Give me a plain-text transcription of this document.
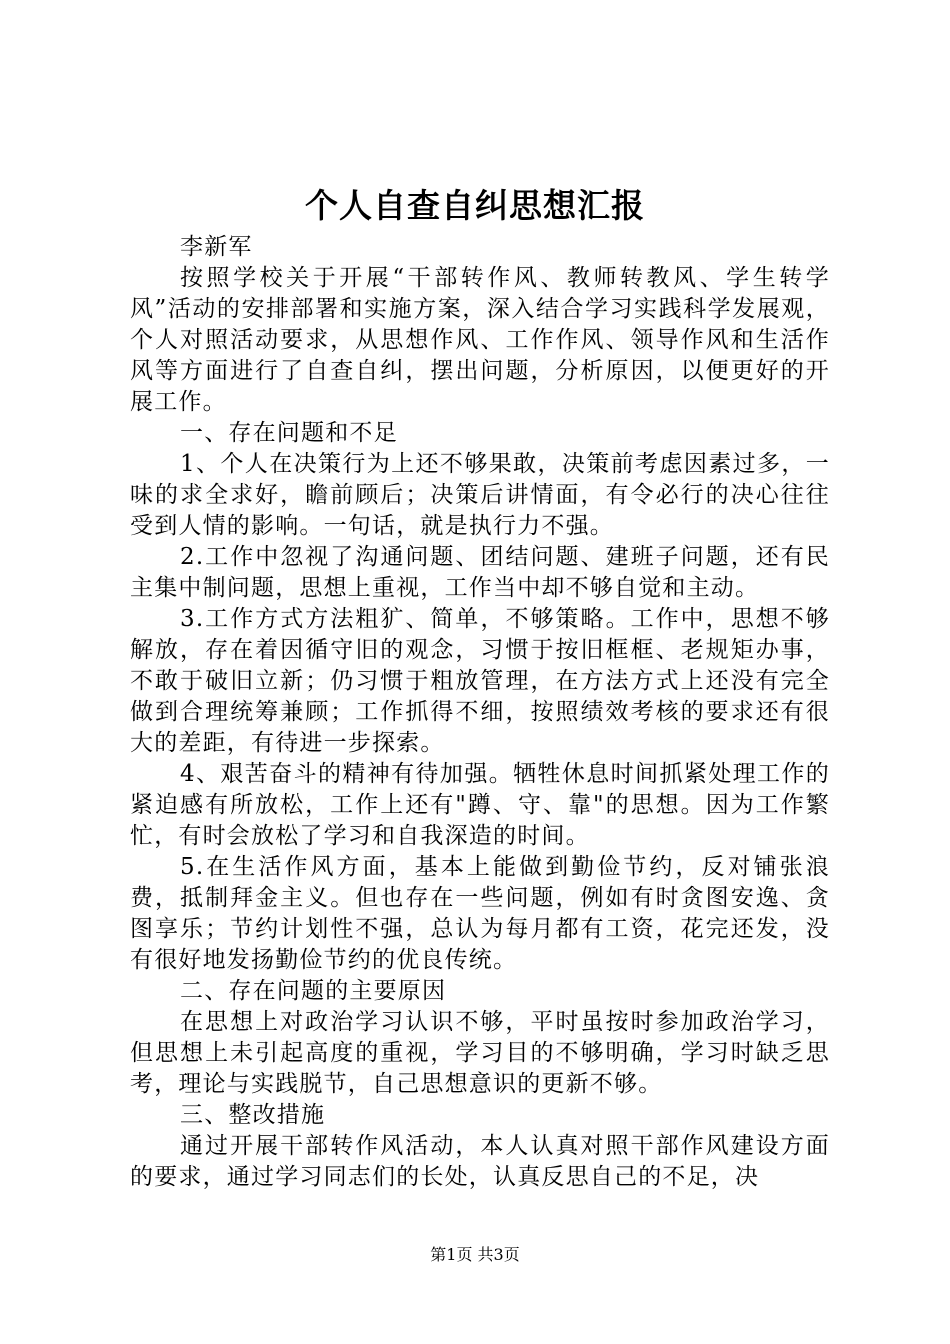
个人自查自纠思想汇报

李新军

按照学校关于开展“干部转作风、教师转教风、学生转学风”活动的安排部署和实施方案，深入结合学习实践科学发展观，个人对照活动要求，从思想作风、工作作风、领导作风和生活作风等方面进行了自查自纠，摆出问题，分析原因，以便更好的开展工作。

一、存在问题和不足

1、个人在决策行为上还不够果敢，决策前考虑因素过多，一味的求全求好，瞻前顾后；决策后讲情面，有令必行的决心往往受到人情的影响。一句话，就是执行力不强。

2.工作中忽视了沟通问题、团结问题、建班子问题，还有民主集中制问题，思想上重视，工作当中却不够自觉和主动。

3.工作方式方法粗犷、简单，不够策略。工作中，思想不够解放，存在着因循守旧的观念，习惯于按旧框框、老规矩办事，不敢于破旧立新；仍习惯于粗放管理，在方法方式上还没有完全做到合理统筹兼顾；工作抓得不细，按照绩效考核的要求还有很大的差距，有待进一步探索。

4、艰苦奋斗的精神有待加强。牺牲休息时间抓紧处理工作的紧迫感有所放松，工作上还有"蹲、守、靠"的思想。因为工作繁忙，有时会放松了学习和自我深造的时间。

5.在生活作风方面，基本上能做到勤俭节约，反对铺张浪费，抵制拜金主义。但也存在一些问题，例如有时贪图安逸、贪图享乐；节约计划性不强，总认为每月都有工资，花完还发，没有很好地发扬勤俭节约的优良传统。

二、存在问题的主要原因

在思想上对政治学习认识不够，平时虽按时参加政治学习，但思想上未引起高度的重视，学习目的不够明确，学习时缺乏思考，理论与实践脱节，自己思想意识的更新不够。

三、整改措施

通过开展干部转作风活动，本人认真对照干部作风建设方面的要求，通过学习同志们的长处，认真反思自己的不足，决

第1页 共3页
